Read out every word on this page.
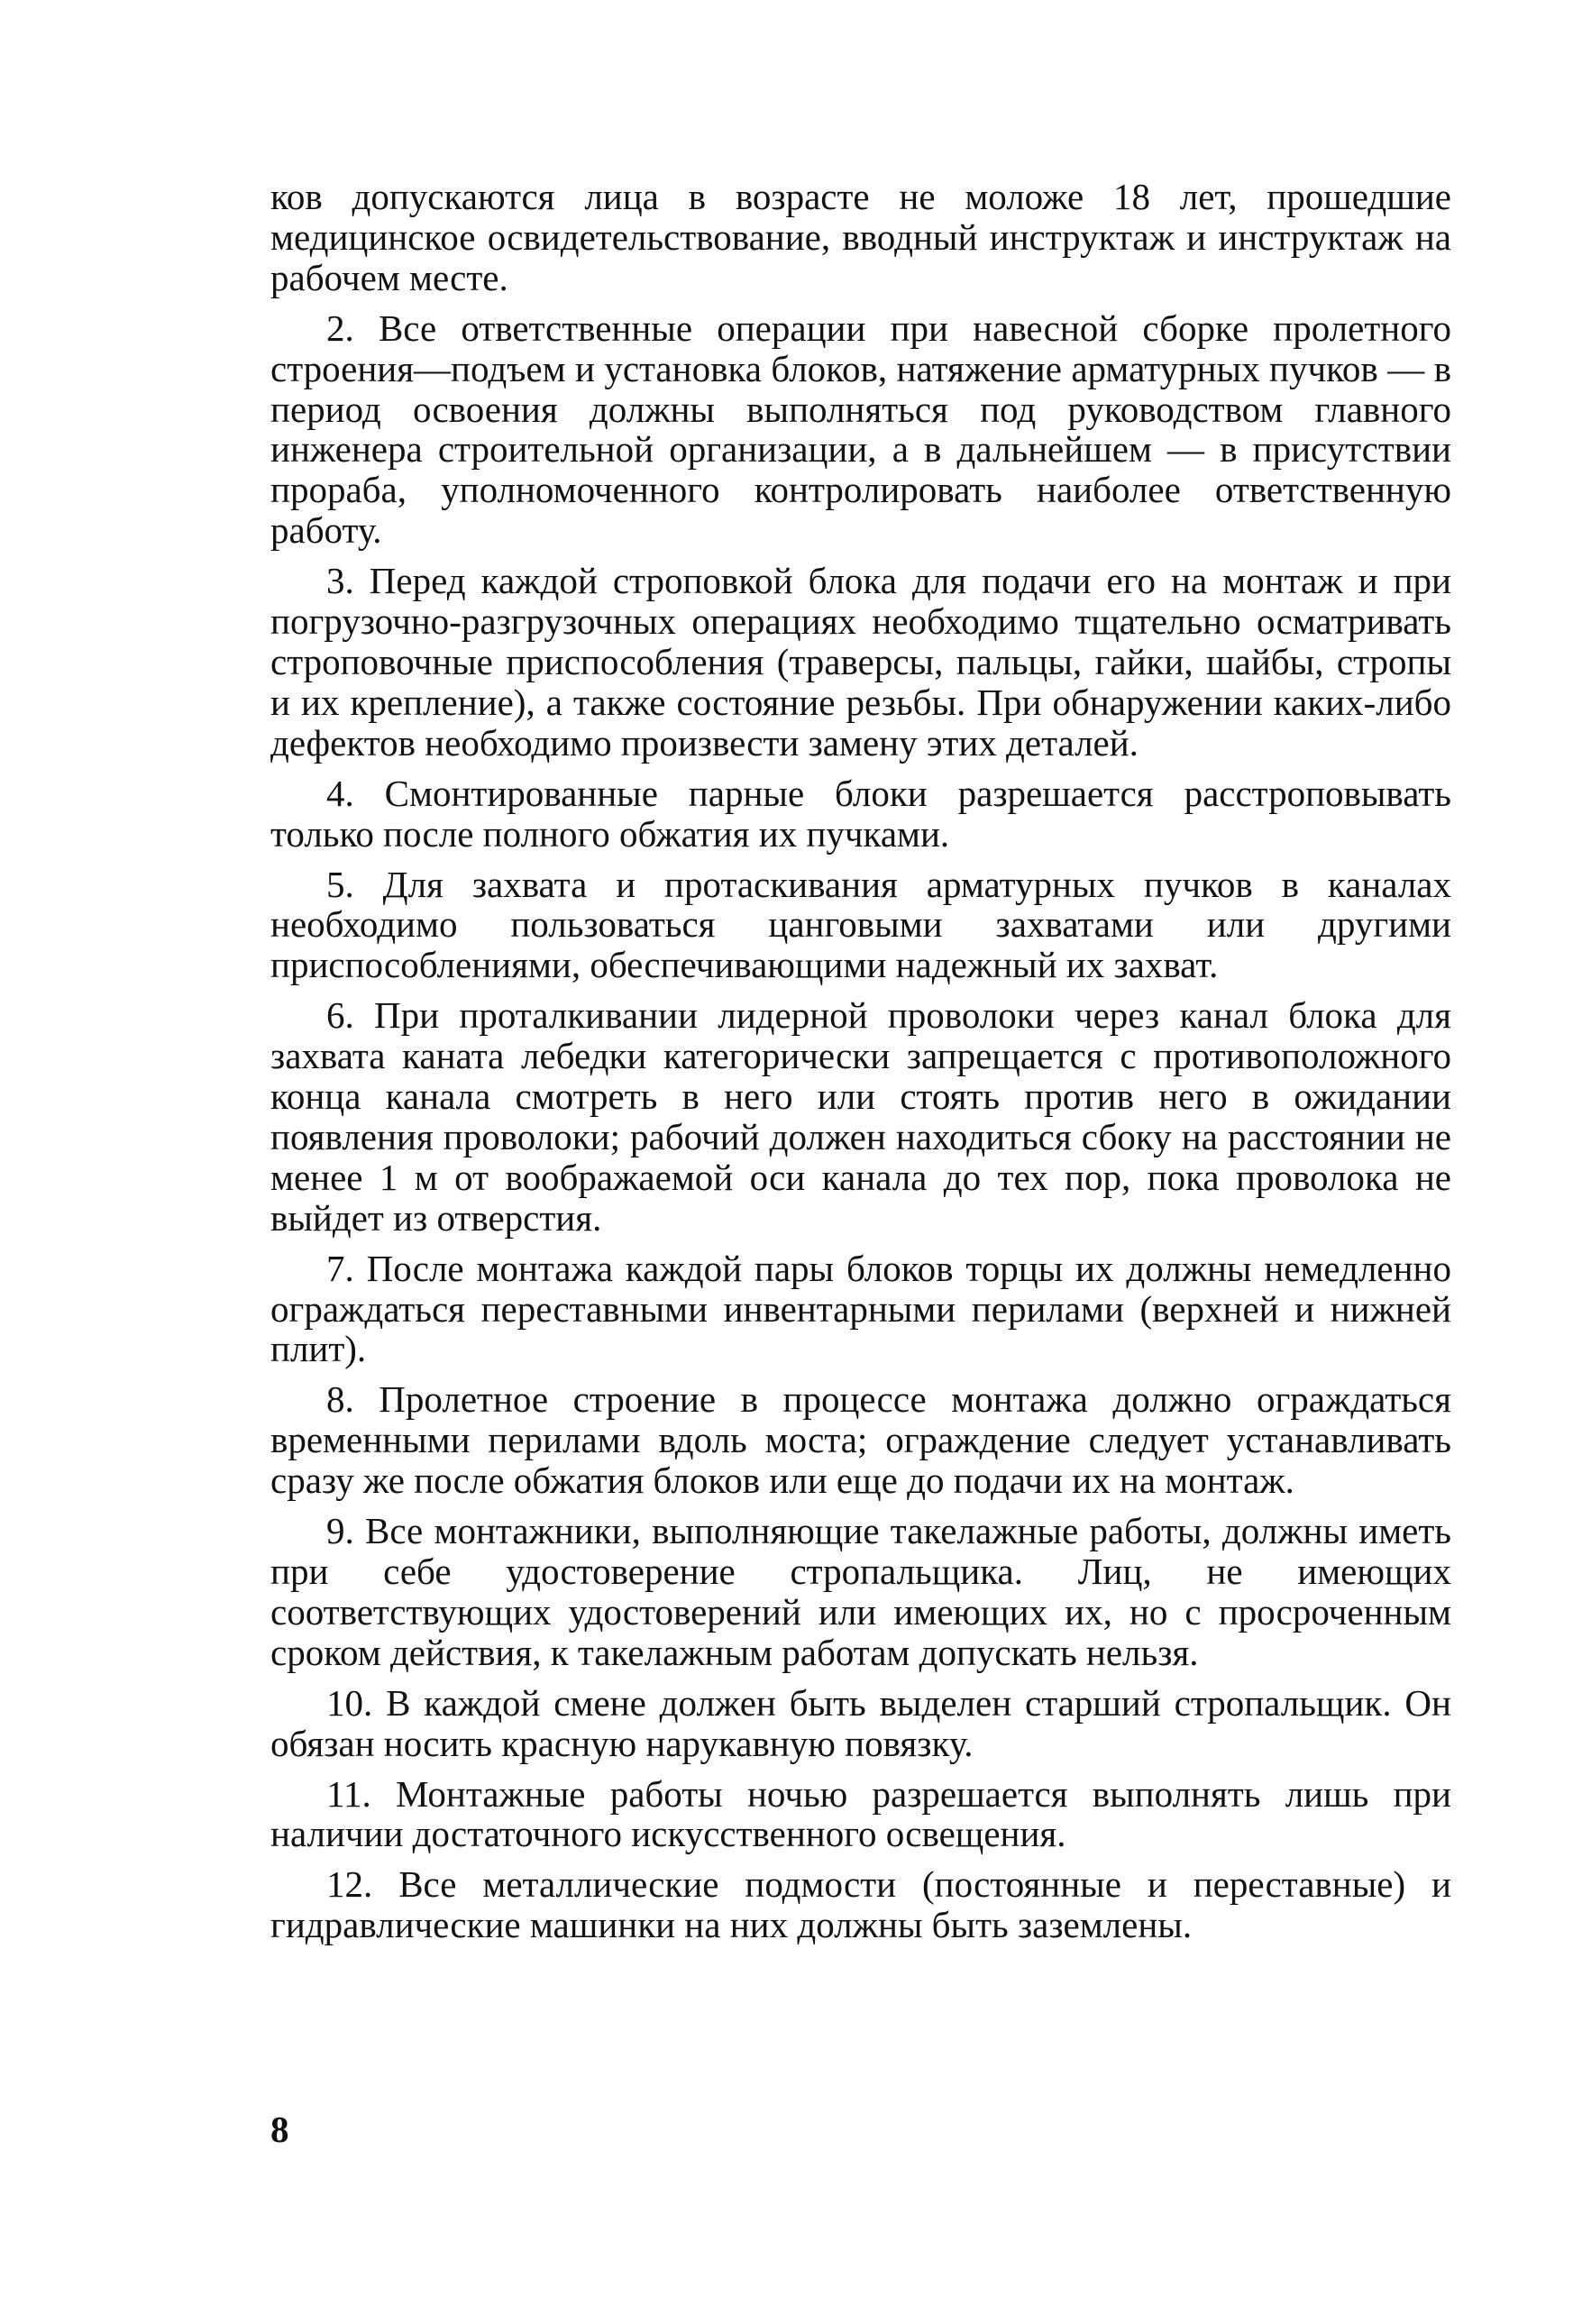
ков допускаются лица в возрасте не моложе 18 лет, прошедшие медицинское освидетельствование, вводный инструктаж и инструктаж на рабочем месте.

2. Все ответственные операции при навесной сборке пролетного строения—подъем и установка блоков, натяжение арматурных пучков — в период освоения должны выполняться под руководством главного инженера строительной организации, а в дальнейшем — в присутствии прораба, уполномоченного контролировать наиболее ответственную работу.

3. Перед каждой строповкой блока для подачи его на монтаж и при погрузочно-разгрузочных операциях необходимо тщательно осматривать строповочные приспособления (траверсы, пальцы, гайки, шайбы, стропы и их крепление), а также состояние резьбы. При обнаружении каких-либо дефектов необходимо произвести замену этих деталей.

4. Смонтированные парные блоки разрешается расстроповывать только после полного обжатия их пучками.

5. Для захвата и протаскивания арматурных пучков в каналах необходимо пользоваться цанговыми захватами или другими приспособлениями, обеспечивающими надежный их захват.

6. При проталкивании лидерной проволоки через канал блока для захвата каната лебедки категорически запрещается с противоположного конца канала смотреть в него или стоять против него в ожидании появления проволоки; рабочий должен находиться сбоку на расстоянии не менее 1 м от воображаемой оси канала до тех пор, пока проволока не выйдет из отверстия.

7. После монтажа каждой пары блоков торцы их должны немедленно ограждаться переставными инвентарными перилами (верхней и нижней плит).

8. Пролетное строение в процессе монтажа должно ограждаться временными перилами вдоль моста; ограждение следует устанавливать сразу же после обжатия блоков или еще до подачи их на монтаж.

9. Все монтажники, выполняющие такелажные работы, должны иметь при себе удостоверение стропальщика. Лиц, не имеющих соответствующих удостоверений или имеющих их, но с просроченным сроком действия, к такелажным работам допускать нельзя.

10. В каждой смене должен быть выделен старший стропальщик. Он обязан носить красную нарукавную повязку.

11. Монтажные работы ночью разрешается выполнять лишь при наличии достаточного искусственного освещения.

12. Все металлические подмости (постоянные и переставные) и гидравлические машинки на них должны быть заземлены.

8
